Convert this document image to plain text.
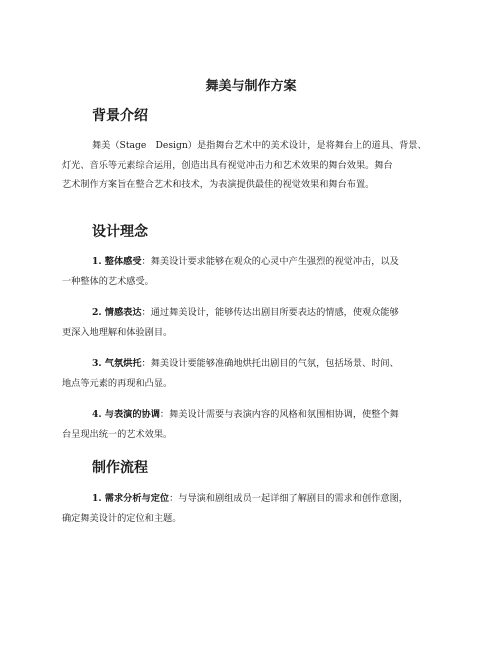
舞美与制作方案
背景介绍

舞美（Stage　Design）是指舞台艺术中的美术设计，是将舞台上的道具、背景、
灯光、音乐等元素综合运用，创造出具有视觉冲击力和艺术效果的舞台效果。舞台
艺术制作方案旨在整合艺术和技术，为表演提供最佳的视觉效果和舞台布置。

设计理念

1. 整体感受：舞美设计要求能够在观众的心灵中产生强烈的视觉冲击，以及
一种整体的艺术感受。

2. 情感表达：通过舞美设计，能够传达出剧目所要表达的情感，使观众能够
更深入地理解和体验剧目。

3. 气氛烘托：舞美设计要能够准确地烘托出剧目的气氛，包括场景、时间、
地点等元素的再现和凸显。

4. 与表演的协调：舞美设计需要与表演内容的风格和氛围相协调，使整个舞
台呈现出统一的艺术效果。

制作流程

1. 需求分析与定位：与导演和剧组成员一起详细了解剧目的需求和创作意图，
确定舞美设计的定位和主题。
